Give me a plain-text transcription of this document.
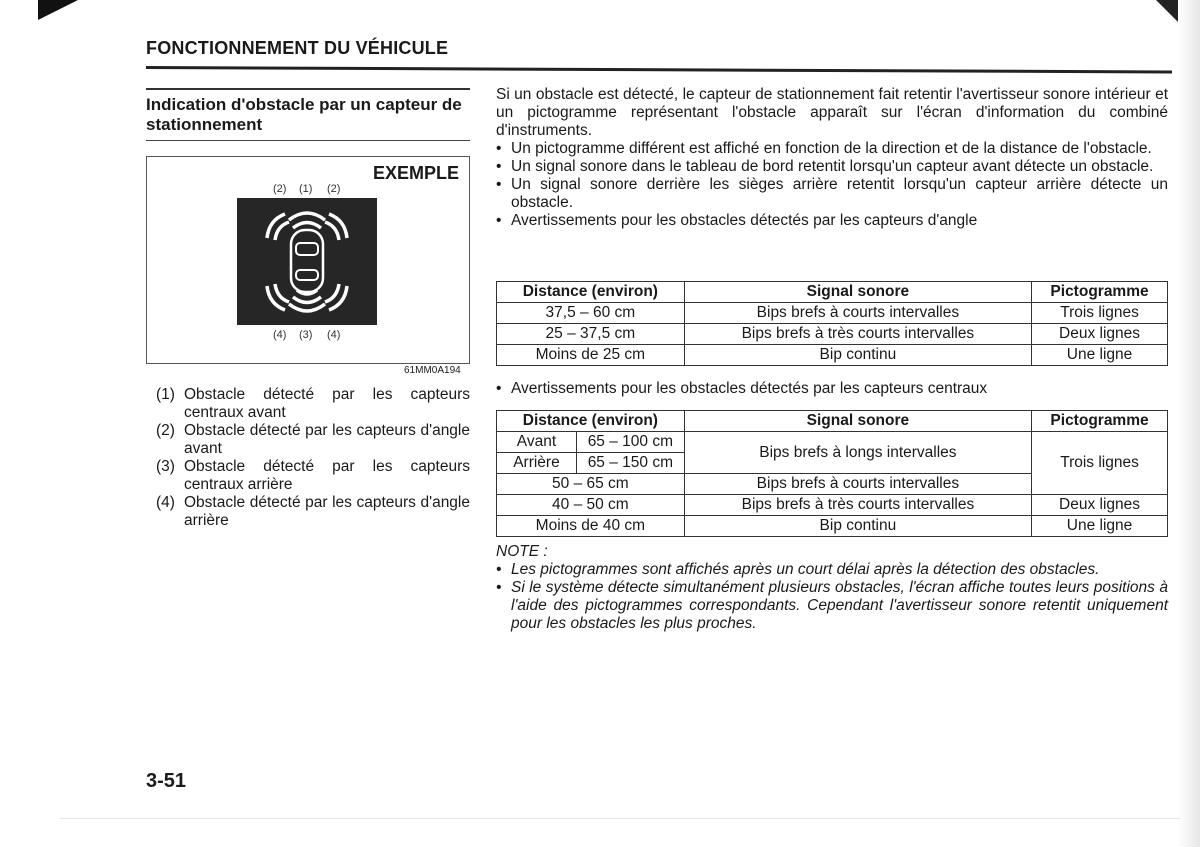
FONCTIONNEMENT DU VÉHICULE
Indication d'obstacle par un capteur de stationnement
EXEMPLE
(2) (1) (2)
(4) (3) (4)
61MM0A194
(1) Obstacle détecté par les capteurs centraux avant
(2) Obstacle détecté par les capteurs d'angle avant
(3) Obstacle détecté par les capteurs centraux arrière
(4) Obstacle détecté par les capteurs d'angle arrière

Si un obstacle est détecté, le capteur de stationnement fait retentir l'avertisseur sonore intérieur et un pictogramme représentant l'obstacle apparaît sur l'écran d'information du combiné d'instruments.

• Un pictogramme différent est affiché en fonction de la direction et de la distance de l'obstacle.
• Un signal sonore dans le tableau de bord retentit lorsqu'un capteur avant détecte un obstacle.
• Un signal sonore derrière les sièges arrière retentit lorsqu'un capteur arrière détecte un obstacle.
• Avertissements pour les obstacles détectés par les capteurs d'angle
Distance (environ)	Signal sonore	Pictogramme
37,5 – 60 cm	Bips brefs à courts intervalles	Trois lignes
25 – 37,5 cm	Bips brefs à très courts intervalles	Deux lignes
Moins de 25 cm	Bip continu	Une ligne
• Avertissements pour les obstacles détectés par les capteurs centraux
Distance (environ)		Signal sonore	Pictogramme
Avant	65 – 100 cm	Bips brefs à longs intervalles	Trois lignes
Arrière	65 – 150 cm		
50 – 65 cm		Bips brefs à courts intervalles	
40 – 50 cm		Bips brefs à très courts intervalles	Deux lignes
Moins de 40 cm		Bip continu	Une ligne
NOTE :
• Les pictogrammes sont affichés après un court délai après la détection des obstacles.
• Si le système détecte simultanément plusieurs obstacles, l'écran affiche toutes leurs positions à l'aide des pictogrammes correspondants. Cependant l'avertisseur sonore retentit uniquement pour les obstacles les plus proches.
3-51
